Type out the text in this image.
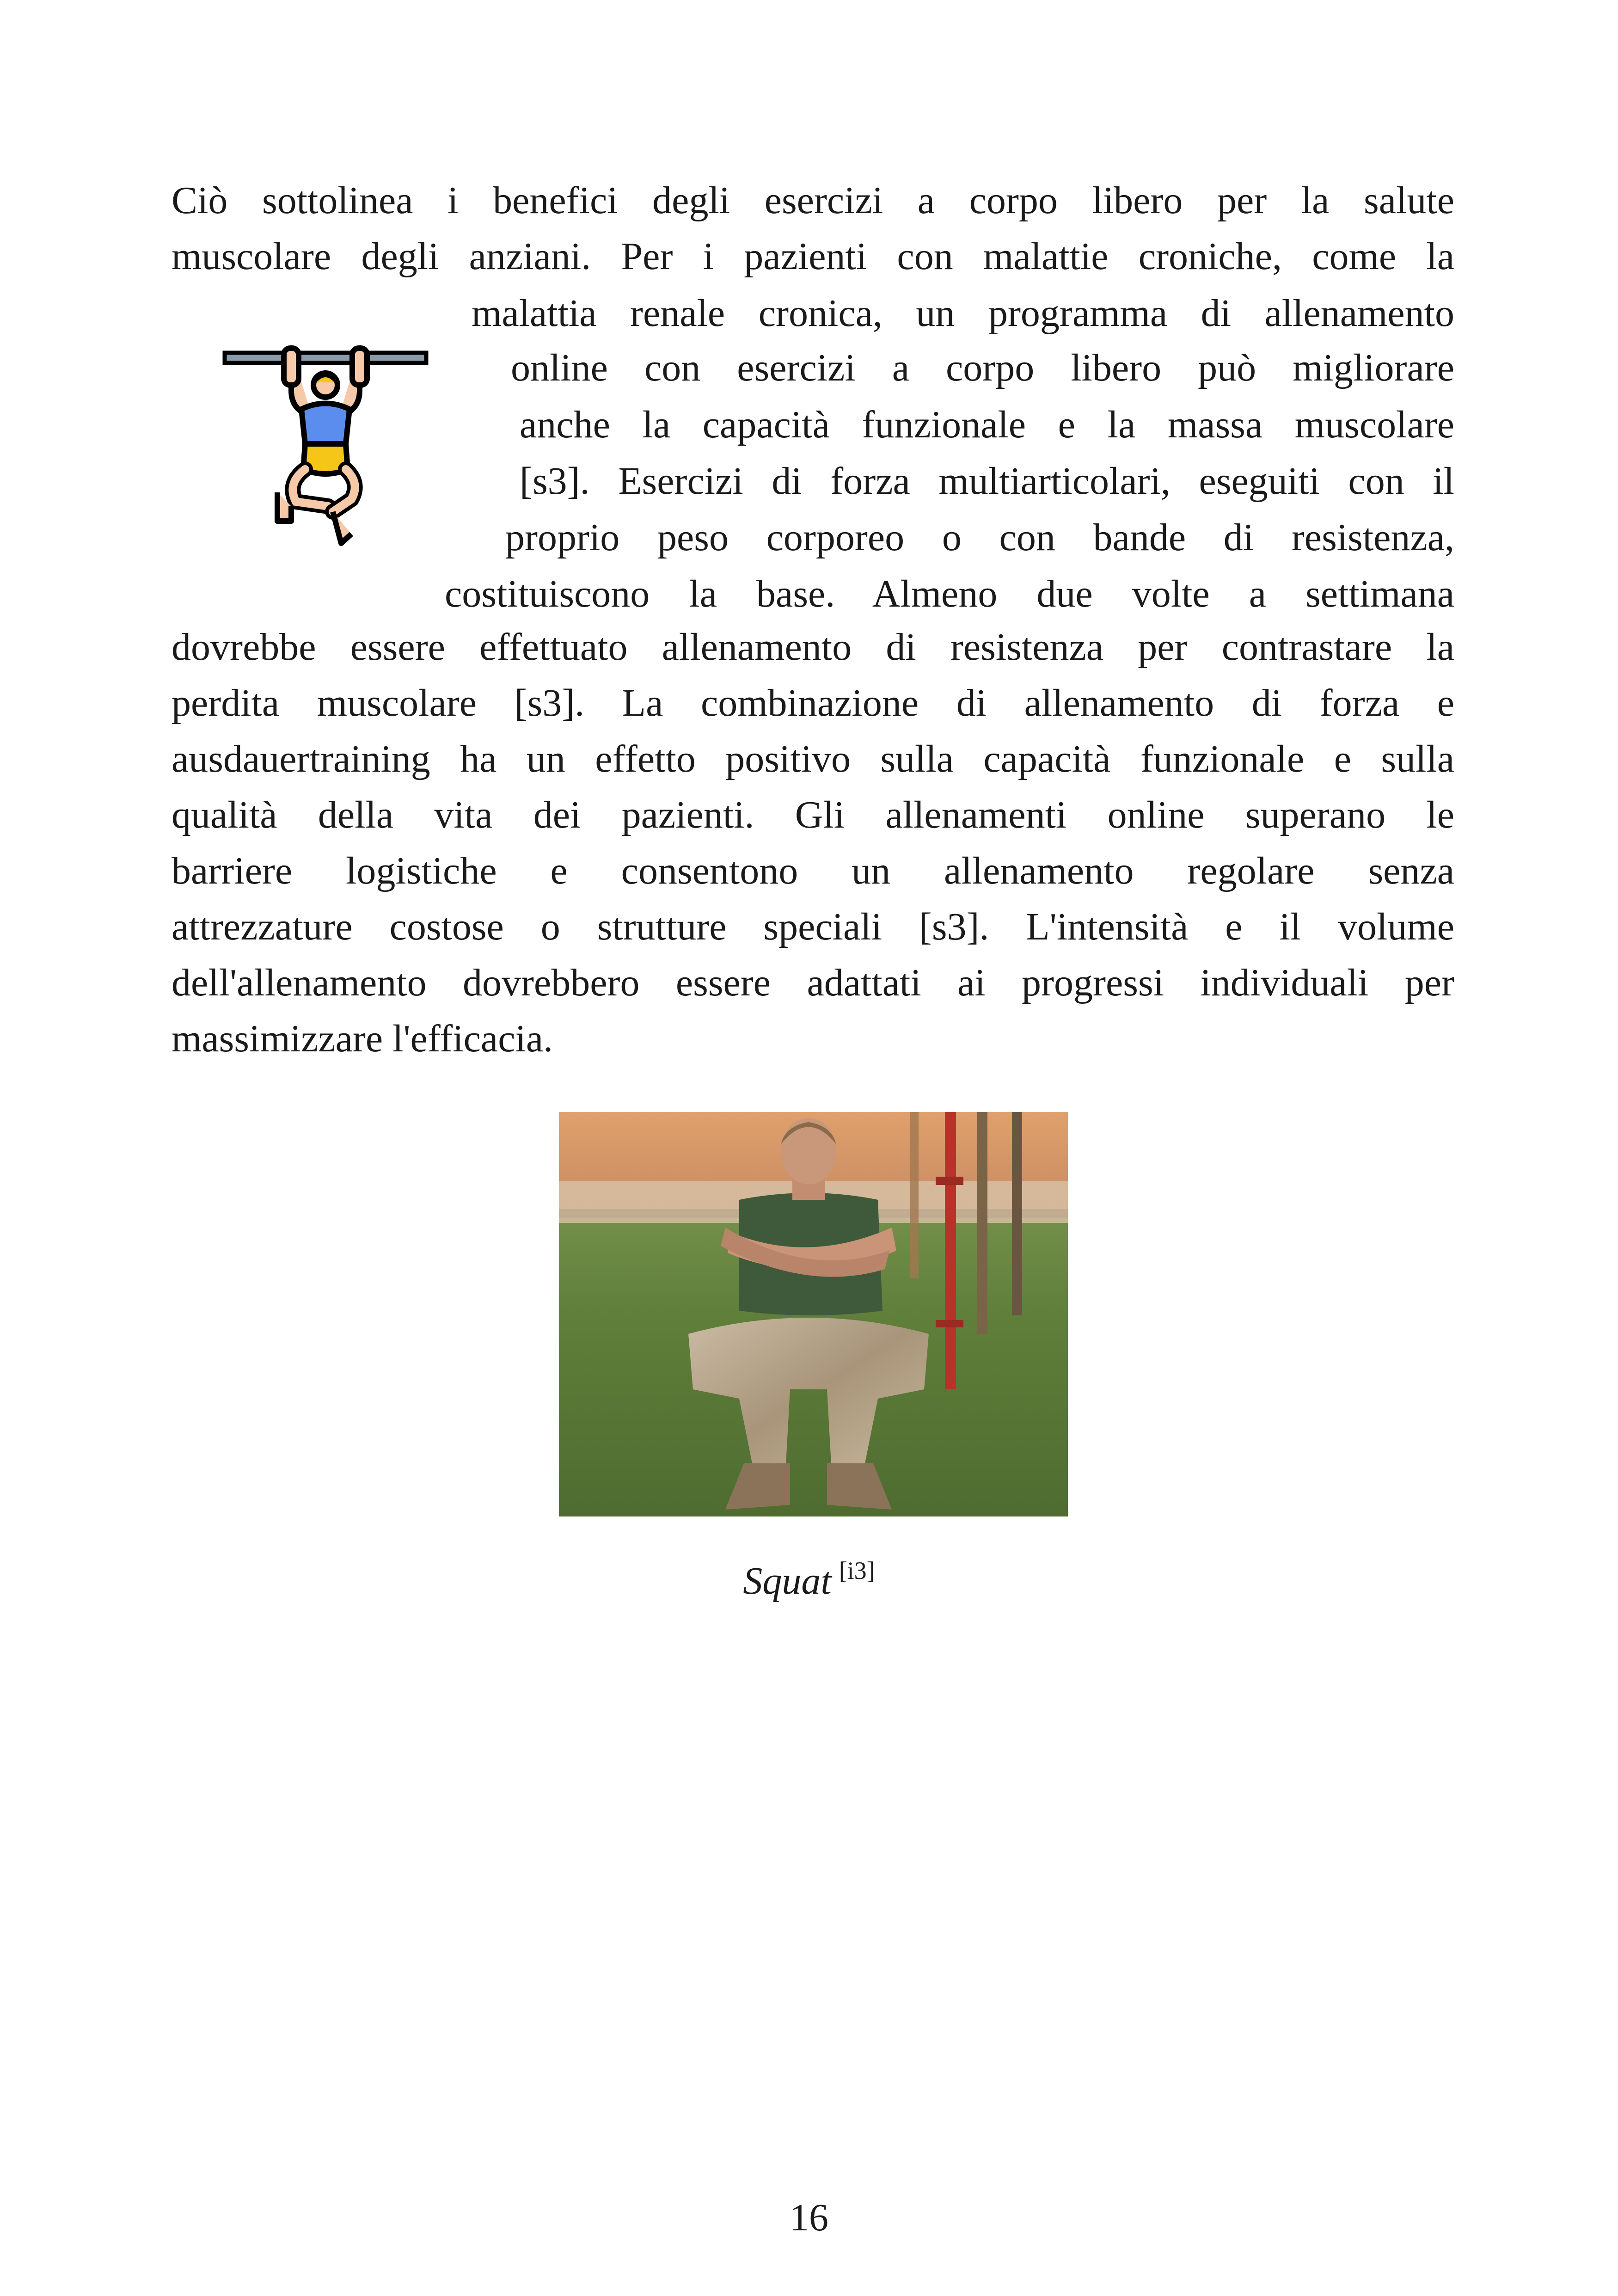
Ciò sottolinea i benefici degli esercizi a corpo libero per la salute
muscolare degli anziani. Per i pazienti con malattie croniche, come la
malattia renale cronica, un programma di allenamento
online con esercizi a corpo libero può migliorare
anche la capacità funzionale e la massa muscolare
[s3]. Esercizi di forza multiarticolari, eseguiti con il
proprio peso corporeo o con bande di resistenza,
costituiscono la base. Almeno due volte a settimana
dovrebbe essere effettuato allenamento di resistenza per contrastare la
perdita muscolare [s3]. La combinazione di allenamento di forza e
ausdauertraining ha un effetto positivo sulla capacità funzionale e sulla
qualità della vita dei pazienti. Gli allenamenti online superano le
barriere logistiche e consentono un allenamento regolare senza
attrezzature costose o strutture speciali [s3]. L'intensità e il volume
dell'allenamento dovrebbero essere adattati ai progressi individuali per
massimizzare l'efficacia.
Squat [i3]
16
